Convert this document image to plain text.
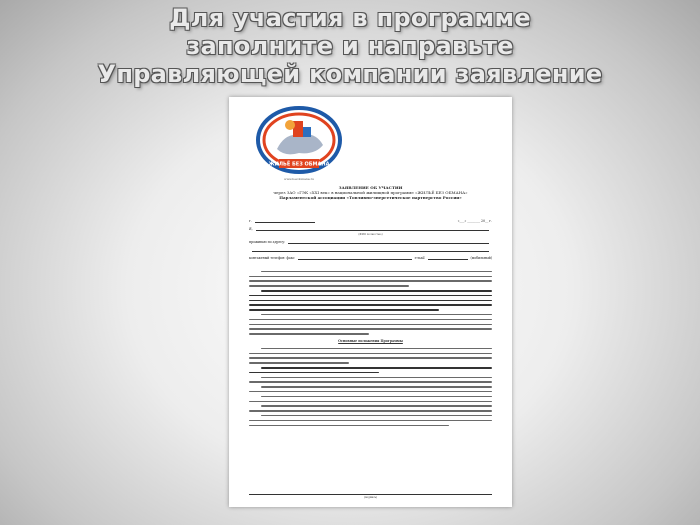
Для участия в программе
заполните и направьте
Управляющей компании заявление
ЖИЛЬЁ БЕЗ ОБМАНА
www.bezobmana.ru
ЗАЯВЛЕНИЕ ОБ УЧАСТИИ
через ЗАО «ГЭК «XXI век» в национальной жилищной программе «ЖИЛЬЁ БЕЗ ОБМАНА»
Парламентской ассоциации «Топливно-энергетическое партнерство России»
г.	«___» ________ 20__ г.
Я,
(ФИО полностью)
проживаю по адресу:
контактный телефон: факс	e-mail	(мобильный)
Основные положения Программы
(подпись)
